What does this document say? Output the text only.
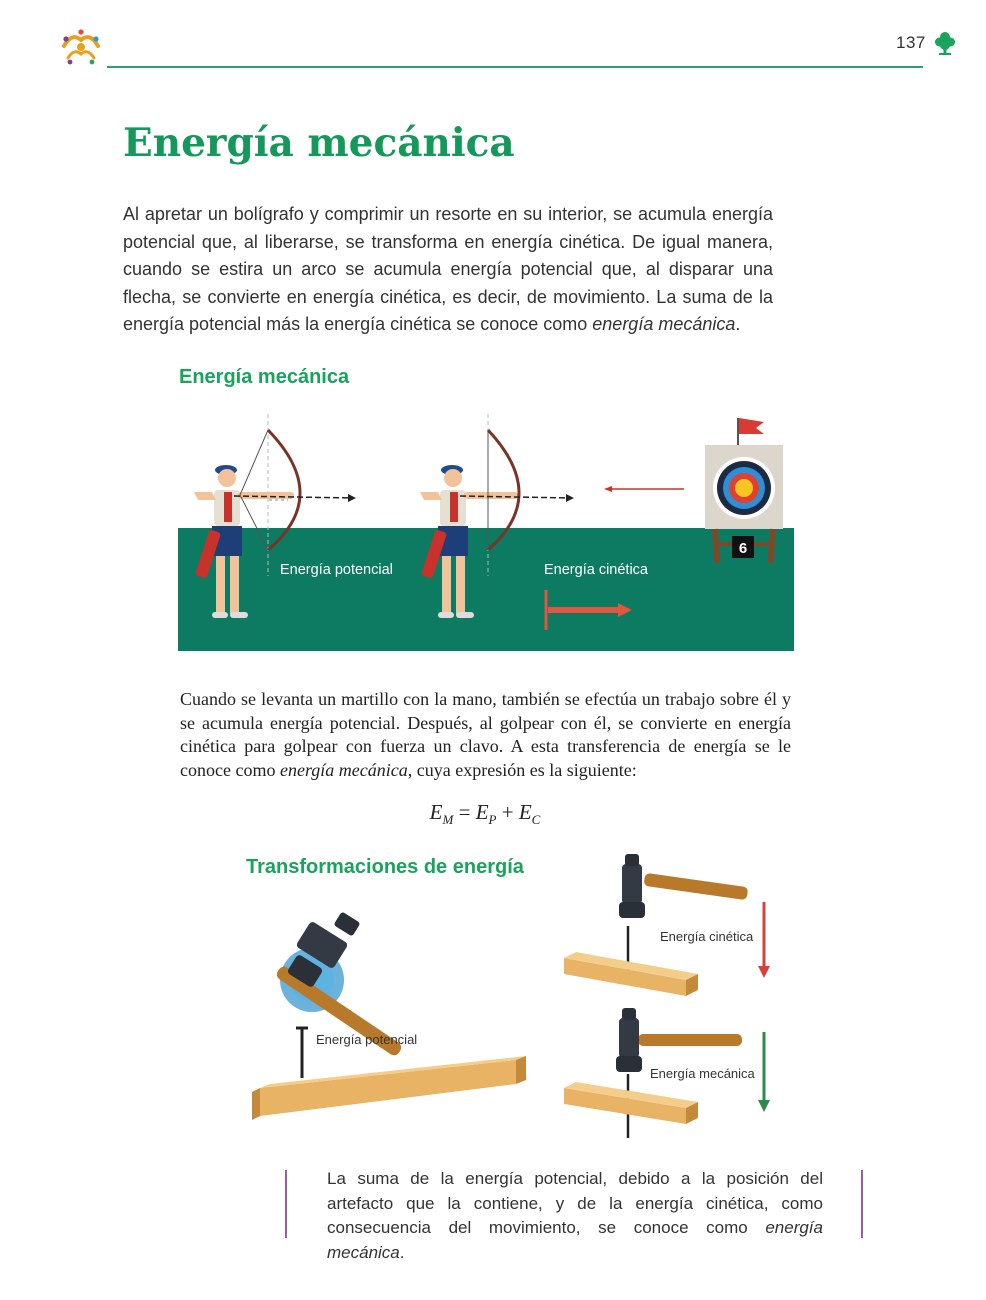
137
Energía mecánica

Al apretar un bolígrafo y comprimir un resorte en su interior, se acumula energía potencial que, al liberarse, se transforma en energía cinética. De igual manera, cuando se estira un arco se acumula energía potencial que, al disparar una flecha, se convierte en energía cinética, es decir, de movimiento. La suma de la energía potencial más la energía cinética se conoce como energía mecánica.

Energía mecánica
Energía potencial	Energía cinética
6

Cuando se levanta un martillo con la mano, también se efectúa un trabajo sobre él y se acumula energía potencial. Después, al golpear con él, se convierte en energía cinética para golpear con fuerza un clavo. A esta transferencia de energía se le conoce como energía mecánica, cuya expresión es la siguiente:

$E_M = E_P + E_C$
Transformaciones de energía
Energía potencial
Energía cinética
Energía mecánica

La suma de la energía potencial, debido a la posición del artefacto que la contiene, y de la energía cinética, como consecuencia del movimiento, se conoce como energía mecánica.
